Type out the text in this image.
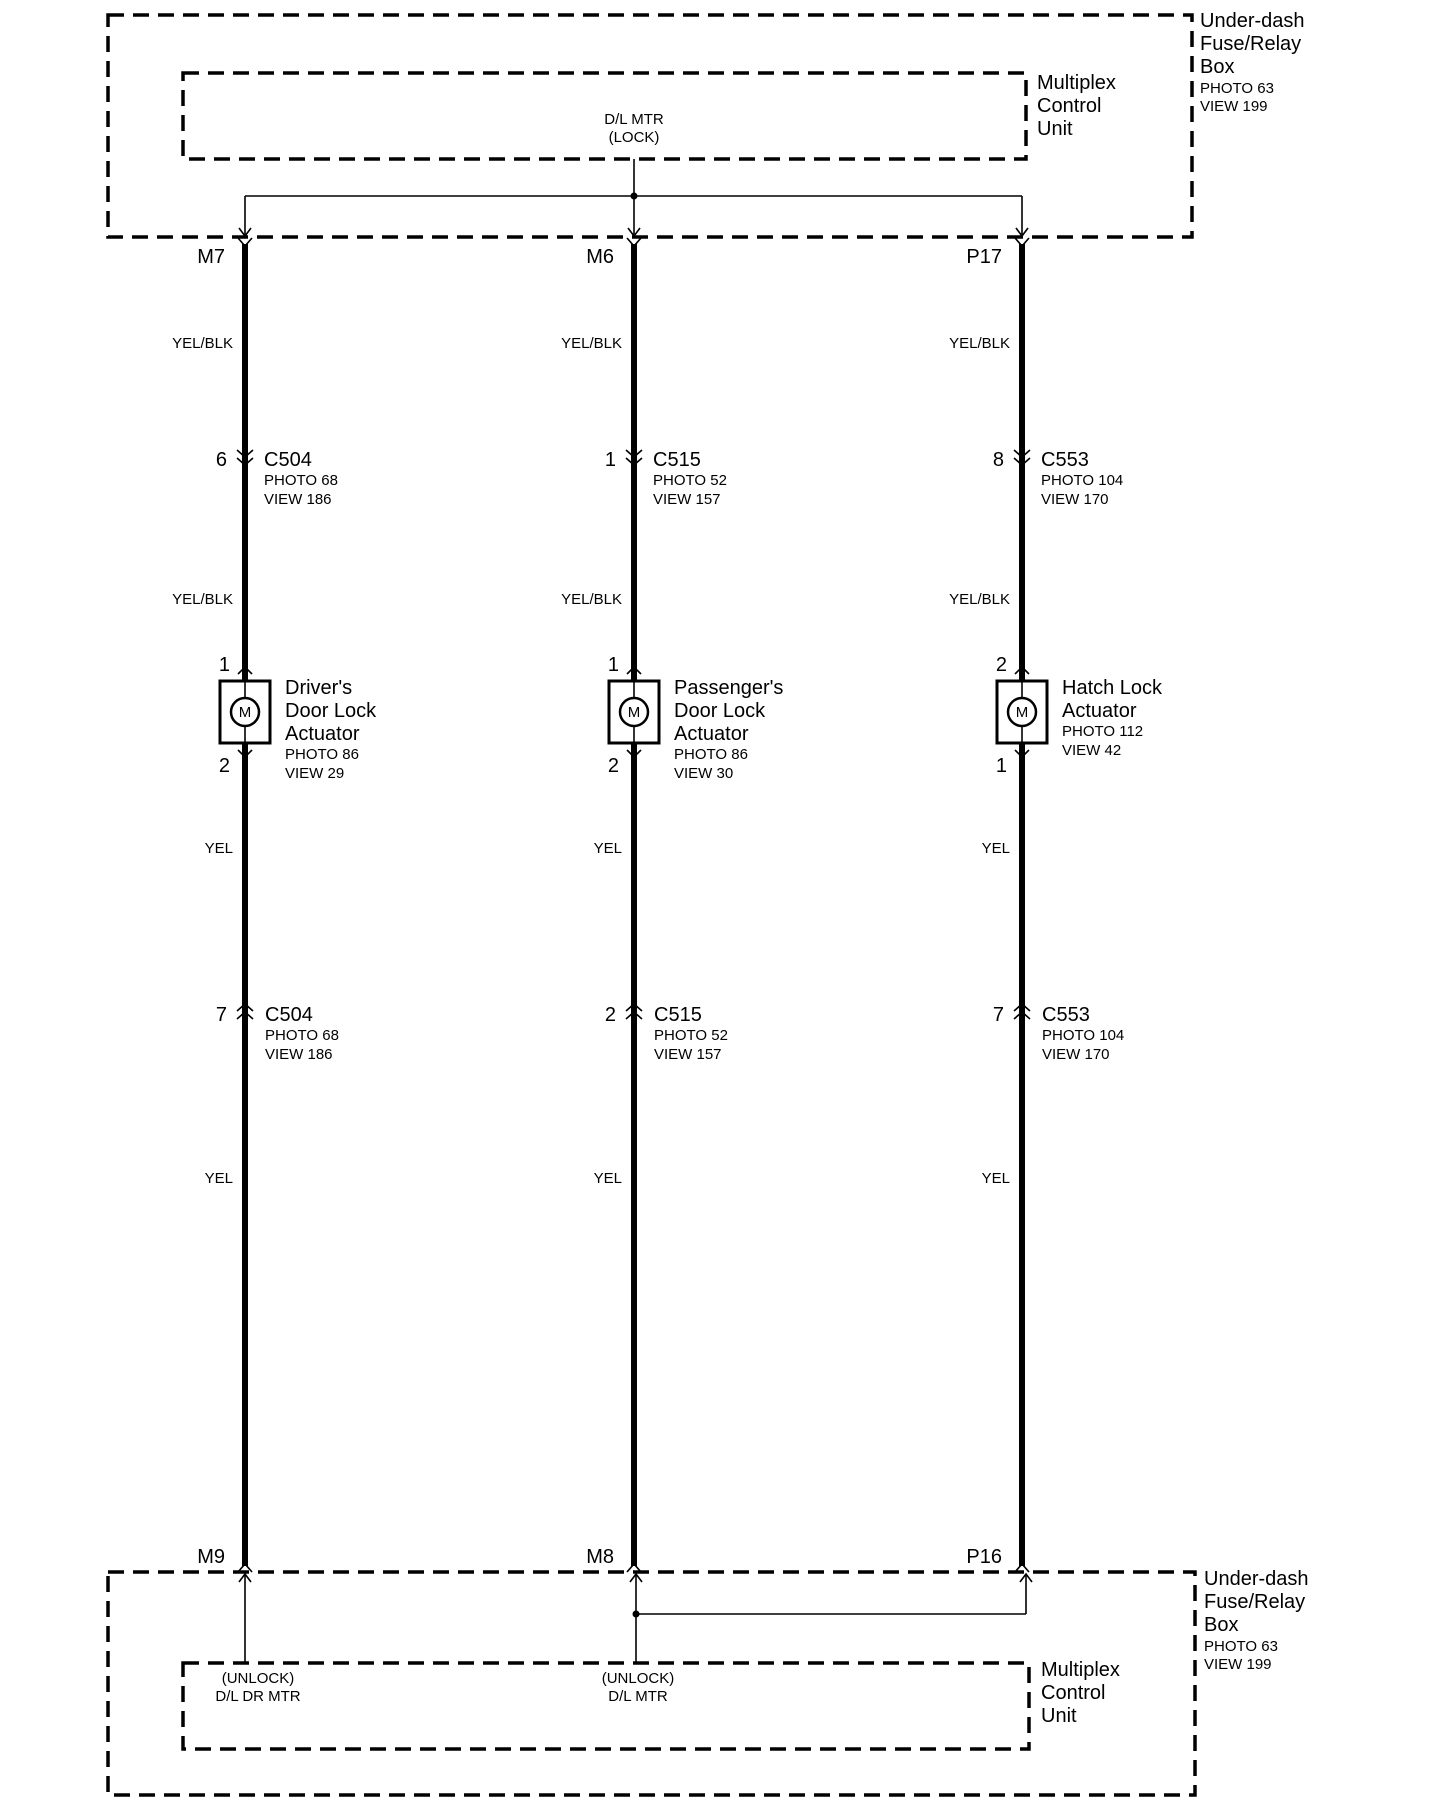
Under-dash
Fuse/Relay
Box
PHOTO 63
VIEW 199
Multiplex
Control
Unit
D/L MTR
(LOCK)
M7
M9
YEL/BLK
YEL/BLK
YEL
YEL
6 C504
PHOTO 68
VIEW 186
7 C504
PHOTO 68
VIEW 186
M
1
2
Driver's
Door Lock
Actuator
PHOTO 86
VIEW 29
M6
M8
YEL/BLK
YEL/BLK
YEL
YEL
1 C515
PHOTO 52
VIEW 157
2 C515
PHOTO 52
VIEW 157
M
1
2
Passenger's
Door Lock
Actuator
PHOTO 86
VIEW 30
P17
P16
YEL/BLK
YEL/BLK
YEL
YEL
8 C553
PHOTO 104
VIEW 170
7 C553
PHOTO 104
VIEW 170
M
2
1
Hatch Lock
Actuator
PHOTO 112
VIEW 42
Under-dash
Fuse/Relay
Box
PHOTO 63
VIEW 199
Multiplex
Control
Unit
(UNLOCK)
D/L DR MTR
(UNLOCK)
D/L MTR
